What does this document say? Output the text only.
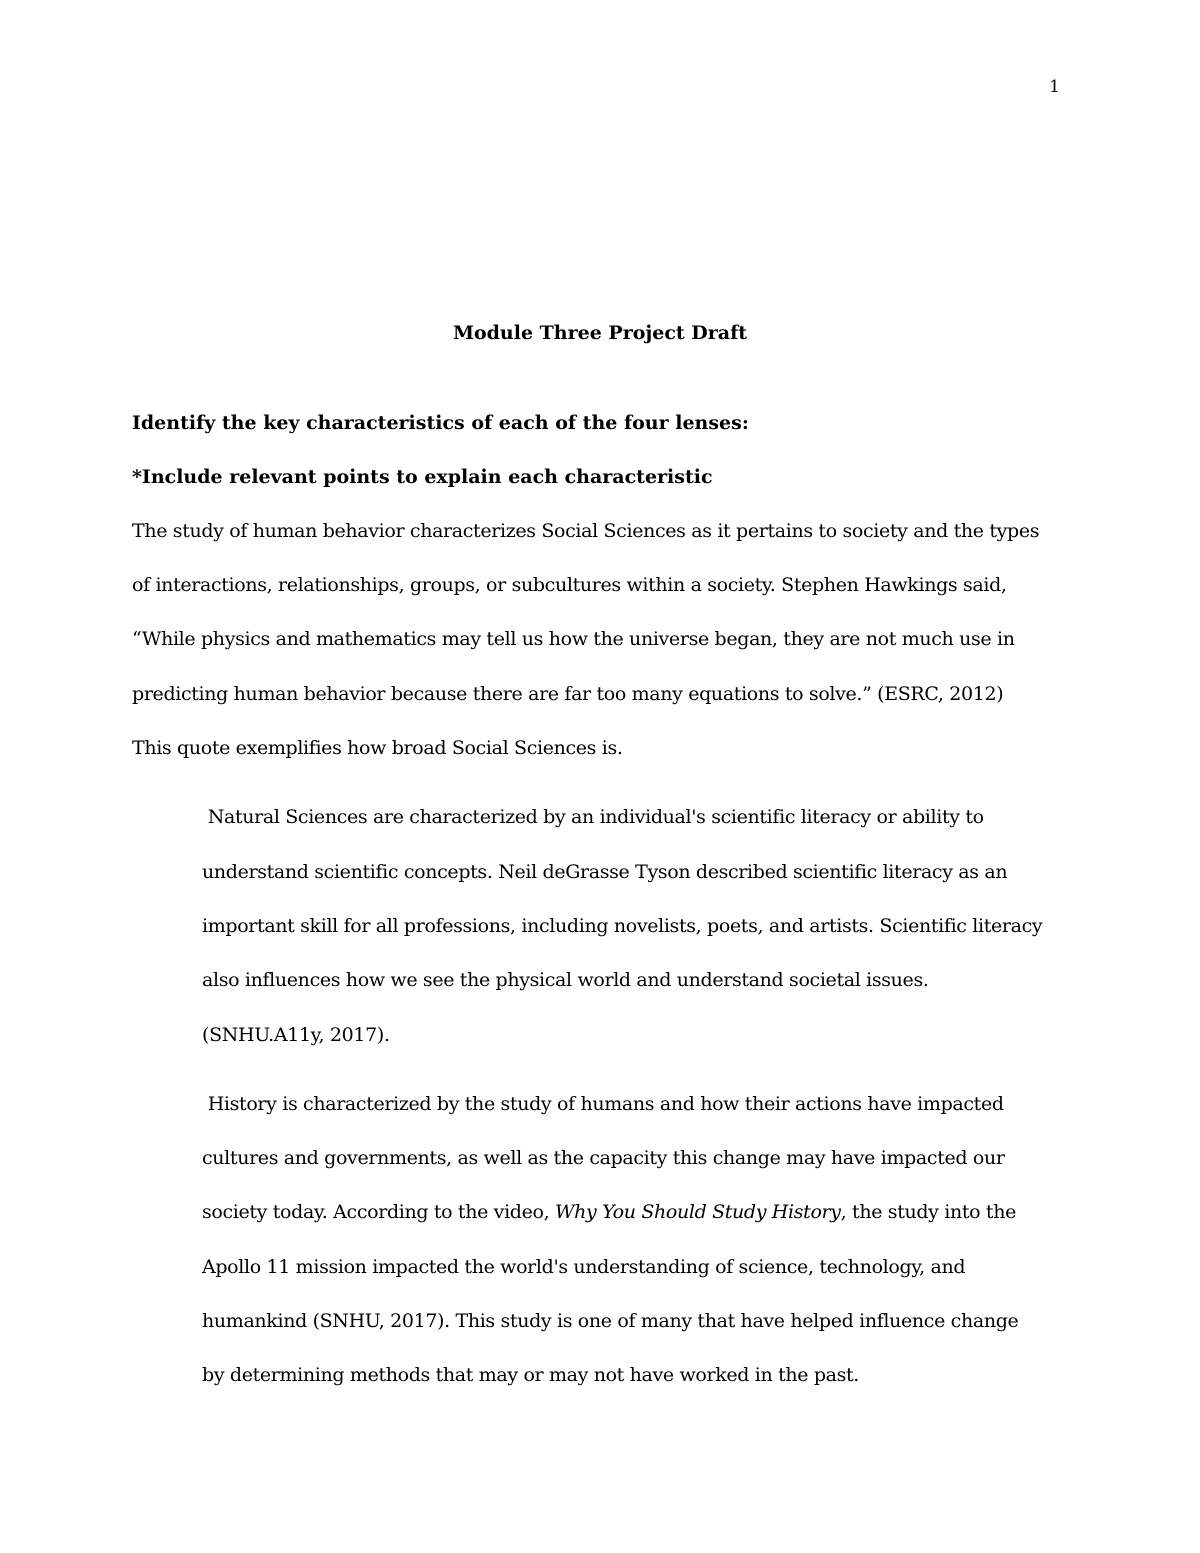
1
Module Three Project Draft
Identify the key characteristics of each of the four lenses:
*Include relevant points to explain each characteristic
The study of human behavior characterizes Social Sciences as it pertains to society and the types
of interactions, relationships, groups, or subcultures within a society. Stephen Hawkings said,
“While physics and mathematics may tell us how the universe began, they are not much use in
predicting human behavior because there are far too many equations to solve.” (ESRC, 2012)
This quote exemplifies how broad Social Sciences is.
Natural Sciences are characterized by an individual's scientific literacy or ability to
understand scientific concepts. Neil deGrasse Tyson described scientific literacy as an
important skill for all professions, including novelists, poets, and artists. Scientific literacy
also influences how we see the physical world and understand societal issues.
(SNHU.A11y, 2017).
History is characterized by the study of humans and how their actions have impacted
cultures and governments, as well as the capacity this change may have impacted our
society today. According to the video, Why You Should Study History, the study into the
Apollo 11 mission impacted the world's understanding of science, technology, and
humankind (SNHU, 2017). This study is one of many that have helped influence change
by determining methods that may or may not have worked in the past.
